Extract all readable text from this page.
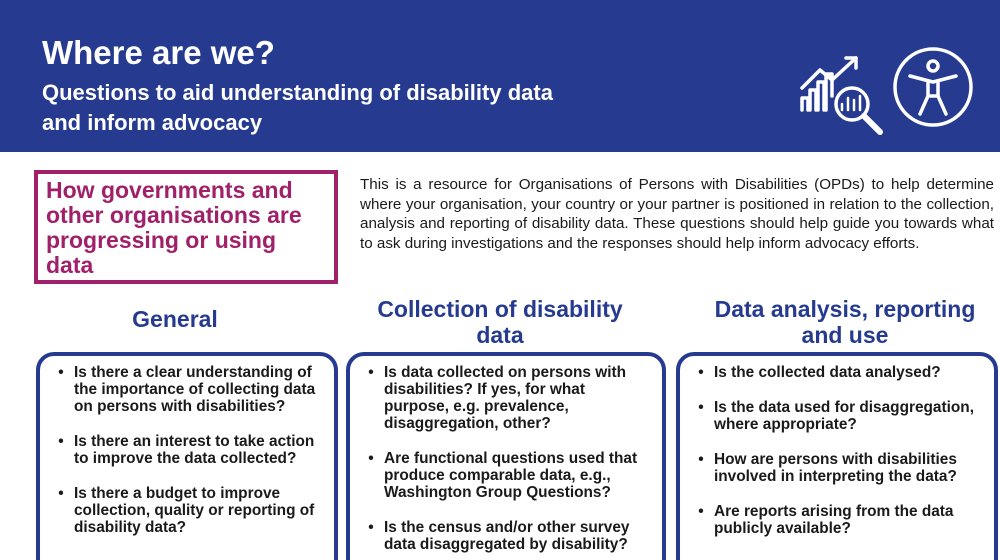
Where are we?
Questions to aid understanding of disability data and inform advocacy
How governments and other organisations are progressing or using data
This is a resource for Organisations of Persons with Disabilities (OPDs) to help determine where your organisation, your country or your partner is positioned in relation to the collection, analysis and reporting of disability data. These questions should help guide you towards what to ask during investigations and the responses should help inform advocacy efforts.
General	Collection of disability data
Data analysis, reporting and use
• Is there a clear understanding of the importance of collecting data on persons with disabilities?
• Is there an interest to take action to improve the data collected?
• Is there a budget to improve collection, quality or reporting of disability data?
• Is data collected on persons with disabilities? If yes, for what purpose, e.g. prevalence, disaggregation, other?
• Are functional questions used that produce comparable data, e.g., Washington Group Questions?
• Is the census and/or other survey data disaggregated by disability?
• Is the collected data analysed?
• Is the data used for disaggregation, where appropriate?
• How are persons with disabilities involved in interpreting the data?
• Are reports arising from the data publicly available?
